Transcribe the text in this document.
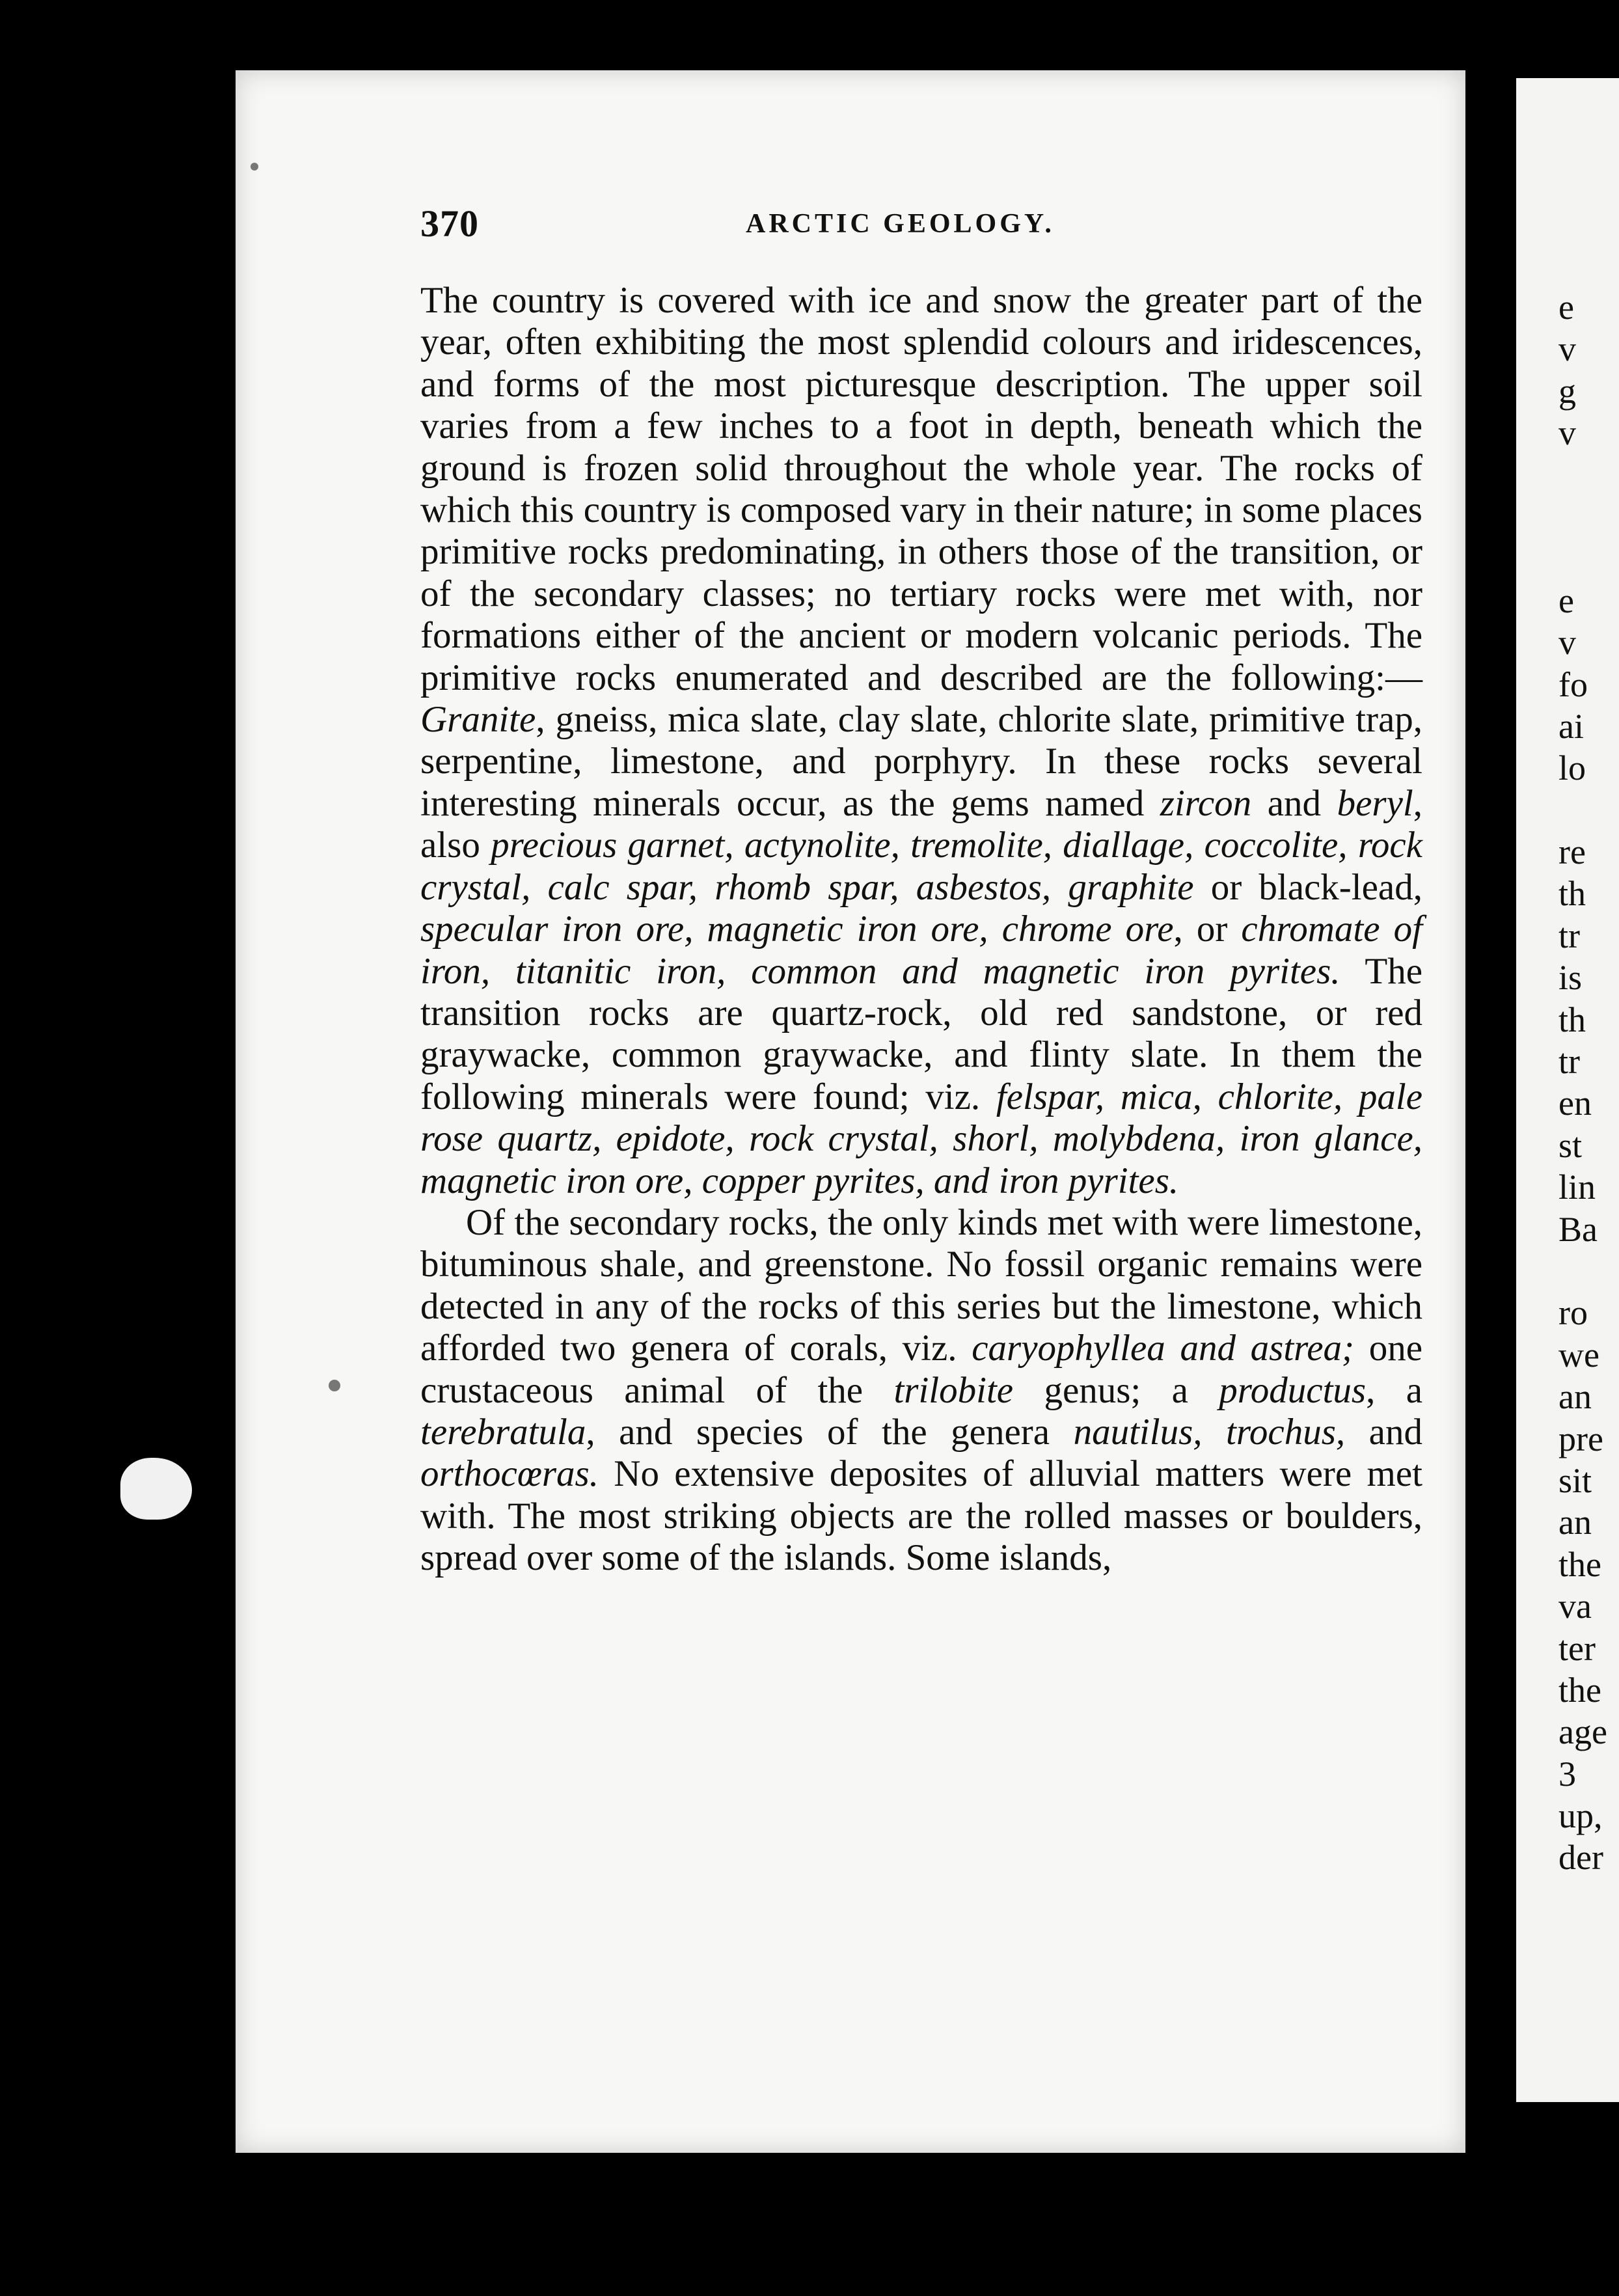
370	ARCTIC GEOLOGY.

The country is covered with ice and snow the greater part of the year, often exhibiting the most splendid colours and iridescences, and forms of the most picturesque description. The upper soil varies from a few inches to a foot in depth, beneath which the ground is frozen solid throughout the whole year. The rocks of which this country is composed vary in their nature; in some places primitive rocks predominating, in others those of the transition, or of the secondary classes; no tertiary rocks were met with, nor formations either of the ancient or modern volcanic periods. The primitive rocks enumerated and described are the following:—Granite, gneiss, mica slate, clay slate, chlorite slate, primitive trap, serpentine, limestone, and porphyry. In these rocks several interesting minerals occur, as the gems named zircon and beryl, also precious garnet, actynolite, tremolite, diallage, coccolite, rock crystal, calc spar, rhomb spar, asbestos, graphite or black-lead, specular iron ore, magnetic iron ore, chrome ore, or chromate of iron, titanitic iron, common and magnetic iron pyrites. The transition rocks are quartz-rock, old red sandstone, or red graywacke, common graywacke, and flinty slate. In them the following minerals were found; viz. felspar, mica, chlorite, pale rose quartz, epidote, rock crystal, shorl, molybdena, iron glance, magnetic iron ore, copper pyrites, and iron pyrites.

Of the secondary rocks, the only kinds met with were limestone, bituminous shale, and greenstone. No fossil organic remains were detected in any of the rocks of this series but the limestone, which afforded two genera of corals, viz. caryophyllea and astrea; one crustaceous animal of the trilobite genus; a productus, a terebratula, and species of the genera nautilus, trochus, and orthocœras. No extensive deposites of alluvial matters were met with. The most striking objects are the rolled masses or boulders, spread over some of the islands. Some islands,

e
v
g
v
e
v
fo
ai
lo
re
th
tr
is
th
tr
en
st
lin
Ba
ro
we
an
pre
sit
an
the
va
ter
the
age
3
up,
der
